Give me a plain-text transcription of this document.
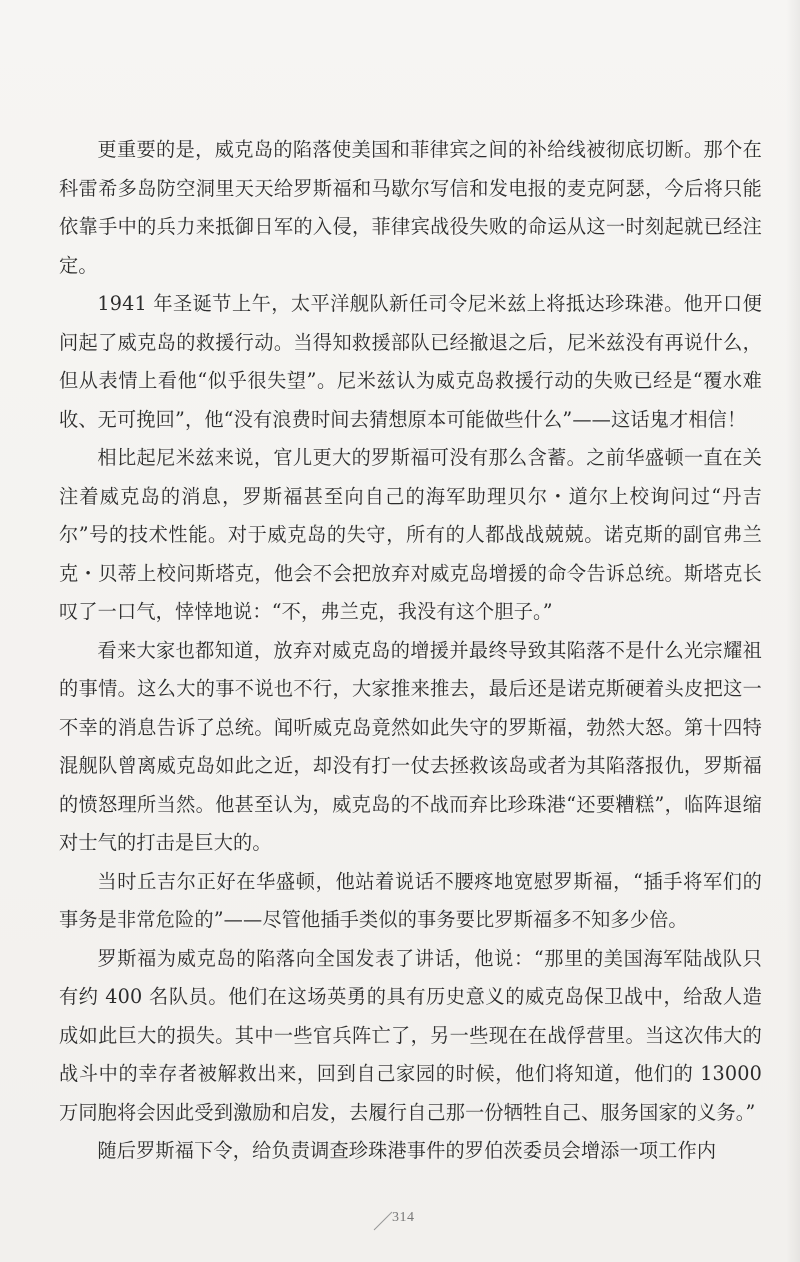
更重要的是，威克岛的陷落使美国和菲律宾之间的补给线被彻底切断。那个在科雷希多岛防空洞里天天给罗斯福和马歇尔写信和发电报的麦克阿瑟，今后将只能依靠手中的兵力来抵御日军的入侵，菲律宾战役失败的命运从这一时刻起就已经注定。

1941 年圣诞节上午，太平洋舰队新任司令尼米兹上将抵达珍珠港。他开口便问起了威克岛的救援行动。当得知救援部队已经撤退之后，尼米兹没有再说什么，但从表情上看他“似乎很失望”。尼米兹认为威克岛救援行动的失败已经是“覆水难收、无可挽回”，他“没有浪费时间去猜想原本可能做些什么”——这话鬼才相信！

相比起尼米兹来说，官儿更大的罗斯福可没有那么含蓄。之前华盛顿一直在关注着威克岛的消息，罗斯福甚至向自己的海军助理贝尔・道尔上校询问过“丹吉尔”号的技术性能。对于威克岛的失守，所有的人都战战兢兢。诺克斯的副官弗兰克・贝蒂上校问斯塔克，他会不会把放弃对威克岛增援的命令告诉总统。斯塔克长叹了一口气，悻悻地说：“不，弗兰克，我没有这个胆子。”

看来大家也都知道，放弃对威克岛的增援并最终导致其陷落不是什么光宗耀祖的事情。这么大的事不说也不行，大家推来推去，最后还是诺克斯硬着头皮把这一不幸的消息告诉了总统。闻听威克岛竟然如此失守的罗斯福，勃然大怒。第十四特混舰队曾离威克岛如此之近，却没有打一仗去拯救该岛或者为其陷落报仇，罗斯福的愤怒理所当然。他甚至认为，威克岛的不战而弃比珍珠港“还要糟糕”，临阵退缩对士气的打击是巨大的。

当时丘吉尔正好在华盛顿，他站着说话不腰疼地宽慰罗斯福，“插手将军们的事务是非常危险的”——尽管他插手类似的事务要比罗斯福多不知多少倍。

罗斯福为威克岛的陷落向全国发表了讲话，他说：“那里的美国海军陆战队只有约 400 名队员。他们在这场英勇的具有历史意义的威克岛保卫战中，给敌人造成如此巨大的损失。其中一些官兵阵亡了，另一些现在在战俘营里。当这次伟大的战斗中的幸存者被解救出来，回到自己家园的时候，他们将知道，他们的 13000 万同胞将会因此受到激励和启发，去履行自己那一份牺牲自己、服务国家的义务。”

随后罗斯福下令，给负责调查珍珠港事件的罗伯茨委员会增添一项工作内

314
